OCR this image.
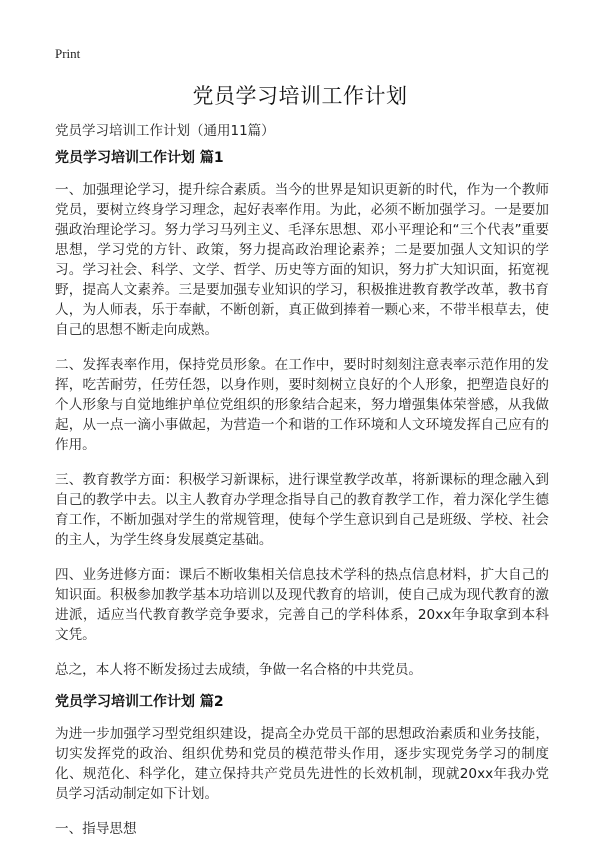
Print
党员学习培训工作计划
党员学习培训工作计划（通用11篇）
党员学习培训工作计划 篇1

一、加强理论学习，提升综合素质。当今的世界是知识更新的时代，作为一个教师党员，要树立终身学习理念，起好表率作用。为此，必须不断加强学习。一是要加强政治理论学习。努力学习马列主义、毛泽东思想、邓小平理论和“三个代表”重要思想，学习党的方针、政策，努力提高政治理论素养；二是要加强人文知识的学习。学习社会、科学、文学、哲学、历史等方面的知识，努力扩大知识面，拓宽视野，提高人文素养。三是要加强专业知识的学习，积极推进教育教学改革，教书育人，为人师表，乐于奉献，不断创新，真正做到捧着一颗心来，不带半根草去，使自己的思想不断走向成熟。

二、发挥表率作用，保持党员形象。在工作中，要时时刻刻注意表率示范作用的发挥，吃苦耐劳，任劳任怨，以身作则，要时刻树立良好的个人形象，把塑造良好的个人形象与自觉地维护单位党组织的形象结合起来，努力增强集体荣誉感，从我做起，从一点一滴小事做起，为营造一个和谐的工作环境和人文环境发挥自己应有的作用。

三、教育教学方面：积极学习新课标，进行课堂教学改革，将新课标的理念融入到自己的教学中去。以主人教育办学理念指导自己的教育教学工作，着力深化学生德育工作，不断加强对学生的常规管理，使每个学生意识到自己是班级、学校、社会的主人，为学生终身发展奠定基础。

四、业务进修方面：课后不断收集相关信息技术学科的热点信息材料，扩大自己的知识面。积极参加教学基本功培训以及现代教育的培训，使自己成为现代教育的激进派，适应当代教育教学竞争要求，完善自己的学科体系，20xx年争取拿到本科文凭。

总之，本人将不断发扬过去成绩，争做一名合格的中共党员。

党员学习培训工作计划 篇2

为进一步加强学习型党组织建设，提高全办党员干部的思想政治素质和业务技能，切实发挥党的政治、组织优势和党员的模范带头作用，逐步实现党务学习的制度化、规范化、科学化，建立保持共产党员先进性的长效机制，现就20xx年我办党员学习活动制定如下计划。

一、指导思想
